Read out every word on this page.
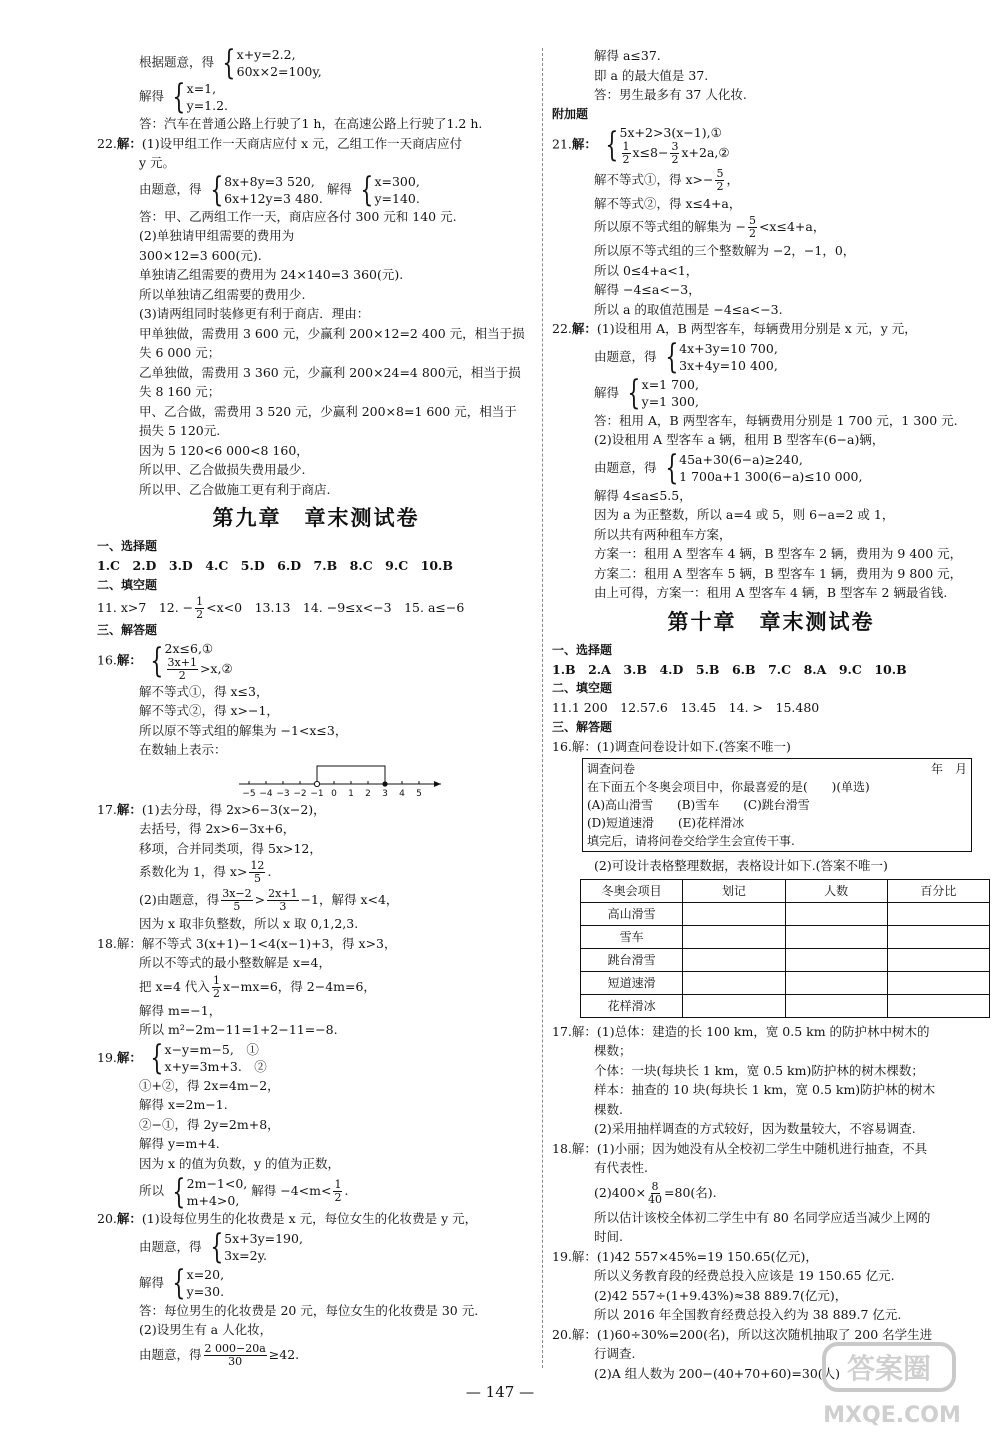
根据题意，得 { x+y=2.2,
60x×2=100y,
解得 { x=1,
y=1.2.
答：汽车在普通公路上行驶了1 h，在高速公路上行驶了1.2 h.
22.解：(1)设甲组工作一天商店应付 x 元，乙组工作一天商店应付
y 元。
由题意，得 { 8x+8y=3 520,
6x+12y=3 480.
解得 { x=300,
y=140.
答：甲、乙两组工作一天，商店应各付 300 元和 140 元.
(2)单独请甲组需要的费用为
300×12=3 600(元).
单独请乙组需要的费用为 24×140=3 360(元).
所以单独请乙组需要的费用少.
(3)请两组同时装修更有利于商店．理由：
甲单独做，需费用 3 600 元，少赢利 200×12=2 400 元，相当于损
失 6 000 元；
乙单独做，需费用 3 360 元，少赢利 200×24=4 800元，相当于损
失 8 160 元；
甲、乙合做，需费用 3 520 元，少赢利 200×8=1 600 元，相当于
损失 5 120元.
因为 5 120<6 000<8 160，
所以甲、乙合做损失费用最少.
所以甲、乙合做施工更有利于商店.
第九章　章末测试卷
一、选择题
1.C　2.D　3.D　4.C　5.D　6.D　7.B　8.C　9.C　10.B
二、填空题
11. x>7　12. − $\frac{1}{2} <x<0$　13.13　14. −9≤x<−3　15. a≤−6
三、解答题
16.解： { 2x≤6,①
$\frac{3x+1}{2}$ >x,②
解不等式①，得 x≤3，
解不等式②，得 x>−1，
所以原不等式组的解集为 −1<x≤3，
在数轴上表示：
−5 −4 −3 −2 −1 0 1 2 3 4 5
17.解：(1)去分母，得 2x>6−3(x−2)，
去括号，得 2x>6−3x+6，
移项，合并同类项，得 5x>12，
系数化为 1，得 $x> \frac{12}{5}$ .
(2)由题意，得 $\frac{3x-2}{5} > \frac{2x+1}{3} -1$，解得 x<4，
因为 x 取非负整数，所以 x 取 0,1,2,3.
18.解：解不等式 3(x+1)−1<4(x−1)+3，得 x>3，
所以不等式的最小整数解是 x=4，
把 x=4 代入 $\frac{1}{2} x-mx=6$，得 2−4m=6，
解得 m=−1，
所以 m²−2m−11=1+2−11=−8.
19.解： { x−y=m−5,　①
x+y=3m+3.　②
①+②，得 2x=4m−2，
解得 x=2m−1.
②−①，得 2y=2m+8，
解得 y=m+4.
因为 x 的值为负数，y 的值为正数，
所以 { 2m−1<0,
m+4>0,
解得 $-4<m< \frac{1}{2}$ .
20.解：(1)设每位男生的化妆费是 x 元，每位女生的化妆费是 y 元，
由题意，得 { 5x+3y=190,
3x=2y.
解得 { x=20,
y=30.
答：每位男生的化妆费是 20 元，每位女生的化妆费是 30 元.
(2)设男生有 a 人化妆，
由题意，得 $\frac{2 000-20a}{30} \ge 42$.
解得 a≤37.
即 a 的最大值是 37.
答：男生最多有 37 人化妆.
附加题
21.解： { 5x+2>3(x−1),①
$\frac{1}{2} x\le 8- \frac{3}{2}$ x+2a,②
解不等式①，得 $x>- \frac{5}{2}$ ，
解不等式②，得 x≤4+a，
所以原不等式组的解集为 − $\frac{5}{2} <x\le 4+a$，
所以原不等式组的三个整数解为 −2，−1，0，
所以 0≤4+a<1，
解得 −4≤a<−3，
所以 a 的取值范围是 −4≤a<−3.
22.解：(1)设租用 A，B 两型客车，每辆费用分别是 x 元，y 元，
由题意，得 { 4x+3y=10 700,
3x+4y=10 400,
解得 { x=1 700,
y=1 300,
答：租用 A，B 两型客车，每辆费用分别是 1 700 元，1 300 元.
(2)设租用 A 型客车 a 辆，租用 B 型客车(6−a)辆，
由题意，得 { 45a+30(6−a)≥240,
1 700a+1 300(6−a)≤10 000,
解得 4≤a≤5.5，
因为 a 为正整数，所以 a=4 或 5，则 6−a=2 或 1，
所以共有两种租车方案，
方案一：租用 A 型客车 4 辆，B 型客车 2 辆，费用为 9 400 元，
方案二：租用 A 型客车 5 辆，B 型客车 1 辆，费用为 9 800 元，
由上可得，方案一：租用 A 型客车 4 辆，B 型客车 2 辆最省钱.
第十章　章末测试卷
一、选择题
1.B　2.A　3.B　4.D　5.B　6.B　7.C　8.A　9.C　10.B
二、填空题
11.1 200　12.57.6　13.45　14. >　15.480
三、解答题
16.解：(1)调查问卷设计如下.(答案不唯一)
调查问卷	年　月
在下面五个冬奥会项目中，你最喜爱的是(　　)(单选)
(A)高山滑雪　　(B)雪车　　(C)跳台滑雪
(D)短道速滑　　(E)花样滑冰
填完后，请将问卷交给学生会宣传干事.
(2)可设计表格整理数据，表格设计如下.(答案不唯一)
冬奥会项目	划记	人数	百分比
高山滑雪			
雪车			
跳台滑雪			
短道速滑			
花样滑冰			
17.解：(1)总体：建造的长 100 km，宽 0.5 km 的防护林中树木的
棵数；
个体：一块(每块长 1 km，宽 0.5 km)防护林的树木棵数；
样本：抽查的 10 块(每块长 1 km，宽 0.5 km)防护林的树木
棵数.
(2)采用抽样调查的方式较好，因为数量较大，不容易调查.
18.解：(1)小丽；因为她没有从全校初二学生中随机进行抽查，不具
有代表性.
$(2)400\times \frac{8}{40} =80$(名).
所以估计该校全体初二学生中有 80 名同学应适当减少上网的
时间.
19.解：(1)42 557×45%=19 150.65(亿元)，
所以义务教育段的经费总投入应该是 19 150.65 亿元.
(2)42 557÷(1+9.43%)≈38 889.7(亿元)，
所以 2016 年全国教育经费总投入约为 38 889.7 亿元.
20.解：(1)60÷30%=200(名)，所以这次随机抽取了 200 名学生进
行调查.
(2)A 组人数为 200−(40+70+60)=30(人)
— 147 —
答案圈
MXQE.COM
